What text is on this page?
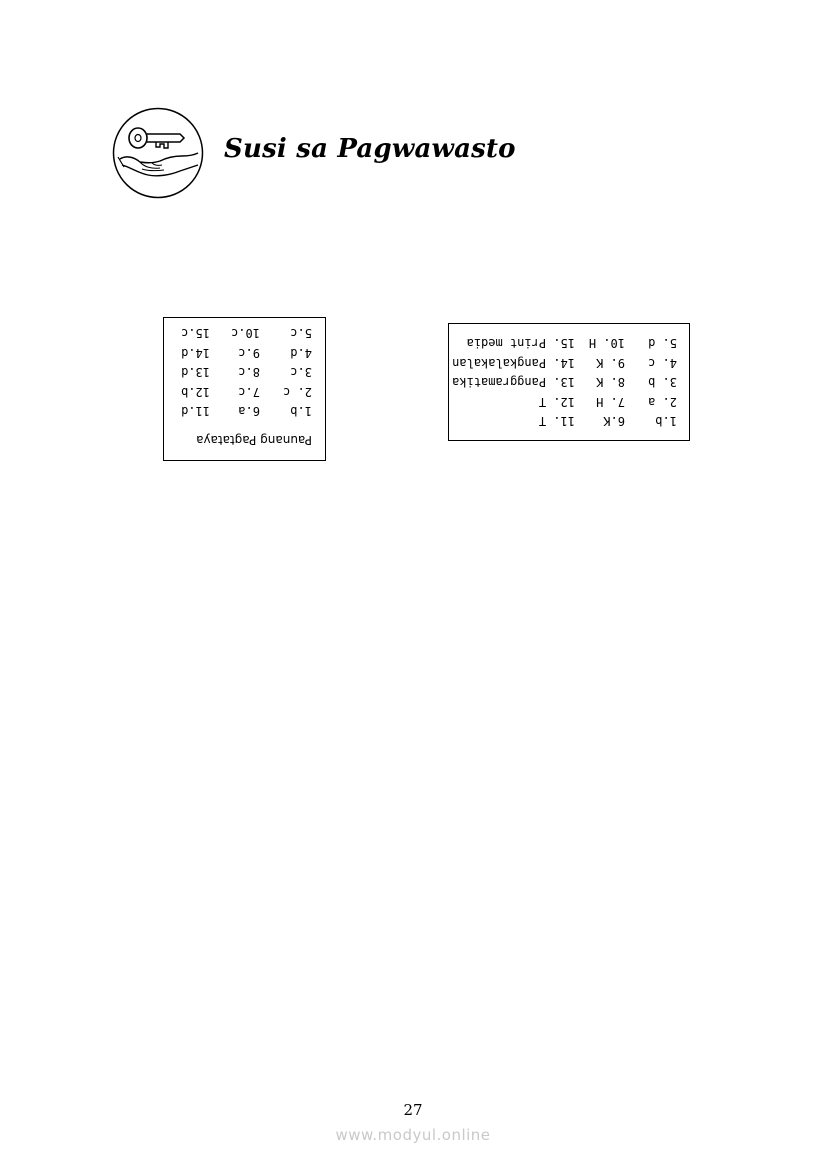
Susi sa Pagwawasto
Paunang Pagtataya
1.b	6.a	11.d
2. c	7.c	12.b
3.c	8.c	13.d
4.d	9.c	14.d
5.c	10.c	15.c
1.b	6.K	11. T
2. a	7. H	12. T
3. b	8. K	13. Panggramatika
4. c	9. K	14. Pangkalakalan
5. d	10. H	15. Print media
27
www.modyul.online
